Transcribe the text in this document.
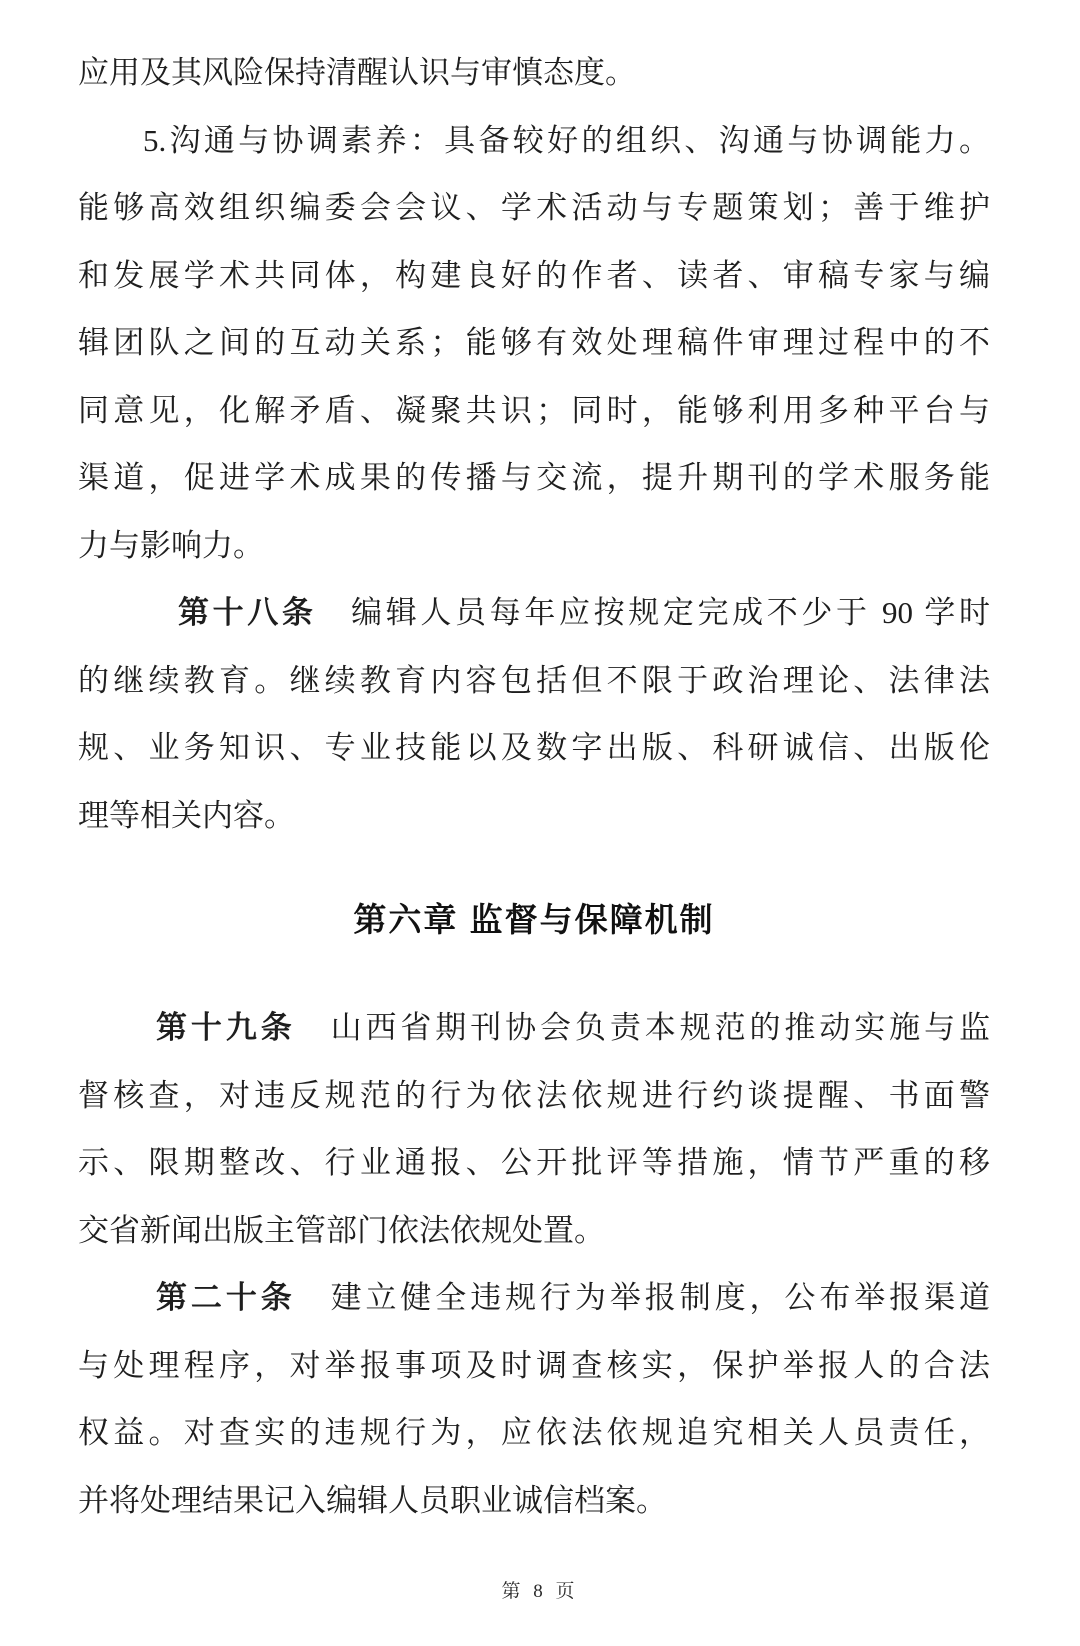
应用及其风险保持清醒认识与审慎态度。
5.沟通与协调素养：具备较好的组织、沟通与协调能力。
能够高效组织编委会会议、学术活动与专题策划；善于维护
和发展学术共同体，构建良好的作者、读者、审稿专家与编
辑团队之间的互动关系；能够有效处理稿件审理过程中的不
同意见，化解矛盾、凝聚共识；同时，能够利用多种平台与
渠道，促进学术成果的传播与交流，提升期刊的学术服务能
力与影响力。
第十八条　编辑人员每年应按规定完成不少于 90 学时
的继续教育。继续教育内容包括但不限于政治理论、法律法
规、业务知识、专业技能以及数字出版、科研诚信、出版伦
理等相关内容。
第六章 监督与保障机制
第十九条　山西省期刊协会负责本规范的推动实施与监
督核查，对违反规范的行为依法依规进行约谈提醒、书面警
示、限期整改、行业通报、公开批评等措施，情节严重的移
交省新闻出版主管部门依法依规处置。
第二十条　建立健全违规行为举报制度，公布举报渠道
与处理程序，对举报事项及时调查核实，保护举报人的合法
权益。对查实的违规行为，应依法依规追究相关人员责任，
并将处理结果记入编辑人员职业诚信档案。
第 8 页
